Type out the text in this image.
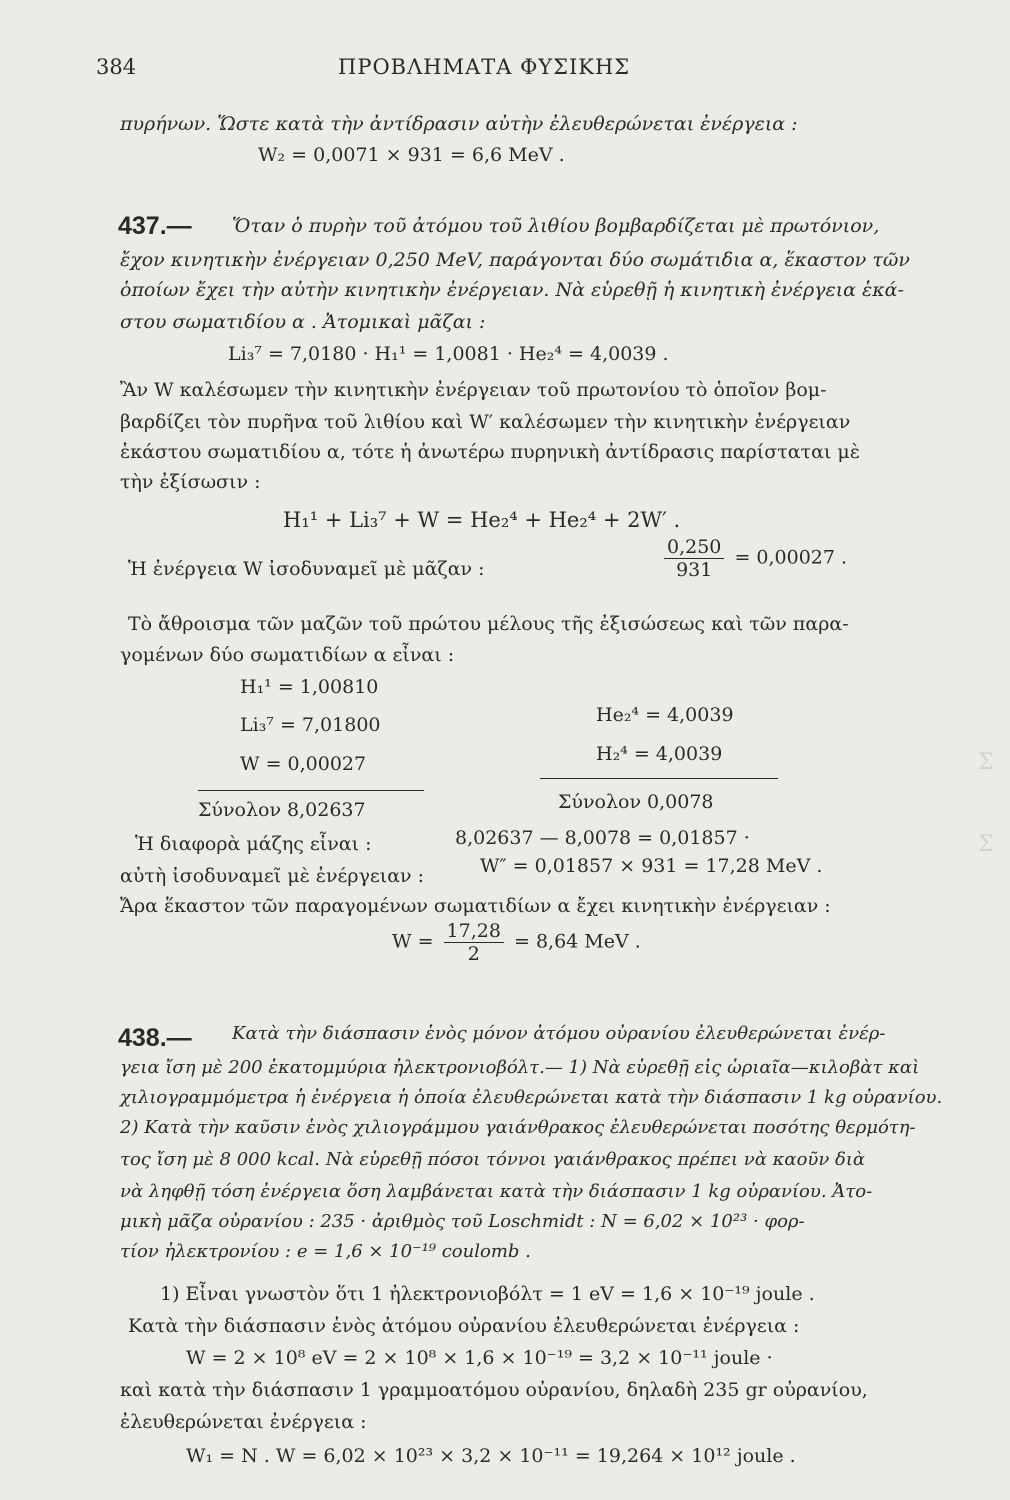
384	ΠΡΟΒΛΗΜΑΤΑ ΦΥΣΙΚΗΣ
πυρήνων. Ὥστε κατὰ τὴν ἀντίδρασιν αὐτὴν ἐλευθερώνεται ἐνέργεια :
W₂ = 0,0071 × 931 = 6,6 MeV .
437.— Ὅταν ὁ πυρὴν τοῦ ἀτόμου τοῦ λιθίου βομβαρδίζεται μὲ πρωτόνιον,
ἔχον κινητικὴν ἐνέργειαν 0,250 MeV, παράγονται δύο σωμάτιδια α, ἕκαστον τῶν
ὁποίων ἔχει τὴν αὐτὴν κινητικὴν ἐνέργειαν. Νὰ εὑρεθῇ ἡ κινητικὴ ἐνέργεια ἑκά-
στου σωματιδίου α . Ἀτομικαὶ μᾶζαι :
Li₃⁷ = 7,0180 · H₁¹ = 1,0081 · He₂⁴ = 4,0039 .
Ἂν W καλέσωμεν τὴν κινητικὴν ἐνέργειαν τοῦ πρωτονίου τὸ ὁποῖον βομ-
βαρδίζει τὸν πυρῆνα τοῦ λιθίου καὶ W′ καλέσωμεν τὴν κινητικὴν ἐνέργειαν
ἑκάστου σωματιδίου α, τότε ἡ ἀνωτέρω πυρηνικὴ ἀντίδρασις παρίσταται μὲ
τὴν ἐξίσωσιν :
H₁¹ + Li₃⁷ + W = He₂⁴ + He₂⁴ + 2W′ .
Ἡ ἐνέργεια W ἰσοδυναμεῖ μὲ μᾶζαν :	$\frac{0,250}{931} = 0,00027$ .
Τὸ ἄθροισμα τῶν μαζῶν τοῦ πρώτου μέλους τῆς ἐξισώσεως καὶ τῶν παρα-
γομένων δύο σωματιδίων α εἶναι :
H₁¹ = 1,00810
Li₃⁷ = 7,01800
W = 0,00027
Σύνολον 8,02637
He₂⁴ = 4,0039
H₂⁴ = 4,0039
Σύνολον 0,0078
Ἡ διαφορὰ μάζης εἶναι :	8,02637 — 8,0078 = 0,01857 ·
αὐτὴ ἰσοδυναμεῖ μὲ ἐνέργειαν :	W″ = 0,01857 × 931 = 17,28 MeV .
Ἄρα ἕκαστον τῶν παραγομένων σωματιδίων α ἔχει κινητικὴν ἐνέργειαν :
$W = \frac{17,28}{2} = 8,64$ MeV .
438.— Κατὰ τὴν διάσπασιν ἑνὸς μόνον ἀτόμου οὐρανίου ἐλευθερώνεται ἐνέρ-
γεια ἴση μὲ 200 ἑκατομμύρια ἠλεκτρονιοβόλτ.— 1) Νὰ εὑρεθῇ εἰς ὡριαῖα—κιλοβὰτ καὶ
χιλιογραμμόμετρα ἡ ἐνέργεια ἡ ὁποία ἐλευθερώνεται κατὰ τὴν διάσπασιν 1 kg οὐρανίου.
2) Κατὰ τὴν καῦσιν ἑνὸς χιλιογράμμου γαιάνθρακος ἐλευθερώνεται ποσότης θερμότη-
τος ἴση μὲ 8 000 kcal. Νὰ εὑρεθῇ πόσοι τόννοι γαιάνθρακος πρέπει νὰ καοῦν διὰ
νὰ ληφθῇ τόση ἐνέργεια ὅση λαμβάνεται κατὰ τὴν διάσπασιν 1 kg οὐρανίου. Ἀτο-
μικὴ μᾶζα οὐρανίου : 235 · ἀριθμὸς τοῦ Loschmidt : N = 6,02 × 10²³ · φορ-
τίον ἠλεκτρονίου : e = 1,6 × 10⁻¹⁹ coulomb .
1) Εἶναι γνωστὸν ὅτι 1 ἠλεκτρονιοβόλτ = 1 eV = 1,6 × 10⁻¹⁹ joule .
Κατὰ τὴν διάσπασιν ἑνὸς ἀτόμου οὐρανίου ἐλευθερώνεται ἐνέργεια :
W = 2 × 10⁸ eV = 2 × 10⁸ × 1,6 × 10⁻¹⁹ = 3,2 × 10⁻¹¹ joule ·
καὶ κατὰ τὴν διάσπασιν 1 γραμμοατόμου οὐρανίου, δηλαδὴ 235 gr οὐρανίου,
ἐλευθερώνεται ἐνέργεια :
W₁ = N . W = 6,02 × 10²³ × 3,2 × 10⁻¹¹ = 19,264 × 10¹² joule .
Σ
Σ
